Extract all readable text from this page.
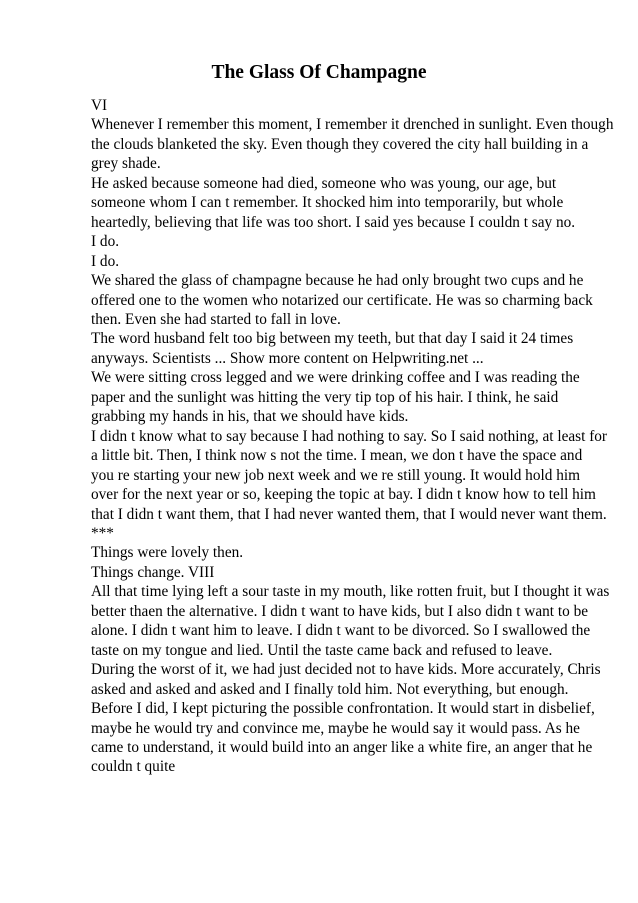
The Glass Of Champagne
VI
Whenever I remember this moment, I remember it drenched in sunlight. Even though
the clouds blanketed the sky. Even though they covered the city hall building in a
grey shade.
He asked because someone had died, someone who was young, our age, but
someone whom I can t remember. It shocked him into temporarily, but whole
heartedly, believing that life was too short. I said yes because I couldn t say no.
I do.
I do.
We shared the glass of champagne because he had only brought two cups and he
offered one to the women who notarized our certificate. He was so charming back
then. Even she had started to fall in love.
The word husband felt too big between my teeth, but that day I said it 24 times
anyways. Scientists ... Show more content on Helpwriting.net ...
We were sitting cross legged and we were drinking coffee and I was reading the
paper and the sunlight was hitting the very tip top of his hair. I think, he said
grabbing my hands in his, that we should have kids.
I didn t know what to say because I had nothing to say. So I said nothing, at least for
a little bit. Then, I think now s not the time. I mean, we don t have the space and
you re starting your new job next week and we re still young. It would hold him
over for the next year or so, keeping the topic at bay. I didn t know how to tell him
that I didn t want them, that I had never wanted them, that I would never want them.
***
Things were lovely then.
Things change. VIII
All that time lying left a sour taste in my mouth, like rotten fruit, but I thought it was
better thaen the alternative. I didn t want to have kids, but I also didn t want to be
alone. I didn t want him to leave. I didn t want to be divorced. So I swallowed the
taste on my tongue and lied. Until the taste came back and refused to leave.
During the worst of it, we had just decided not to have kids. More accurately, Chris
asked and asked and asked and I finally told him. Not everything, but enough.
Before I did, I kept picturing the possible confrontation. It would start in disbelief,
maybe he would try and convince me, maybe he would say it would pass. As he
came to understand, it would build into an anger like a white fire, an anger that he
couldn t quite
